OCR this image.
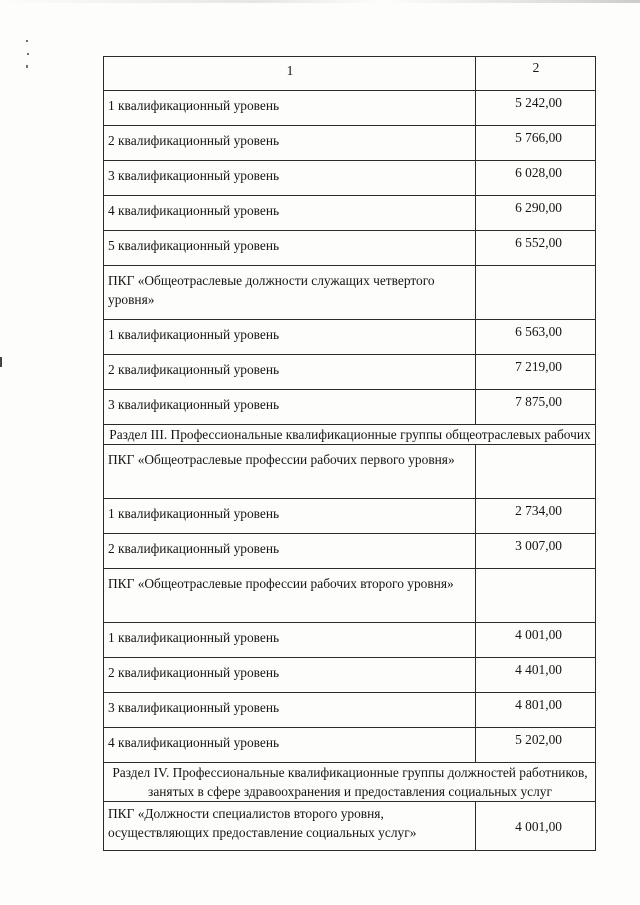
1	2
1 квалификационный уровень	5 242,00
2 квалификационный уровень	5 766,00
3 квалификационный уровень	6 028,00
4 квалификационный уровень	6 290,00
5 квалификационный уровень	6 552,00
ПКГ «Общеотраслевые должности служащих четвертого уровня»	
1 квалификационный уровень	6 563,00
2 квалификационный уровень	7 219,00
3 квалификационный уровень	7 875,00
Раздел III. Профессиональные квалификационные группы общеотраслевых рабочих	
ПКГ «Общеотраслевые профессии рабочих первого уровня»	
1 квалификационный уровень	2 734,00
2 квалификационный уровень	3 007,00
ПКГ «Общеотраслевые профессии рабочих второго уровня»	
1 квалификационный уровень	4 001,00
2 квалификационный уровень	4 401,00
3 квалификационный уровень	4 801,00
4 квалификационный уровень	5 202,00
Раздел IV. Профессиональные квалификационные группы должностей работников, занятых в сфере здравоохранения и предоставления социальных услуг	
ПКГ «Должности специалистов второго уровня, осуществляющих предоставление социальных услуг»	4 001,00
